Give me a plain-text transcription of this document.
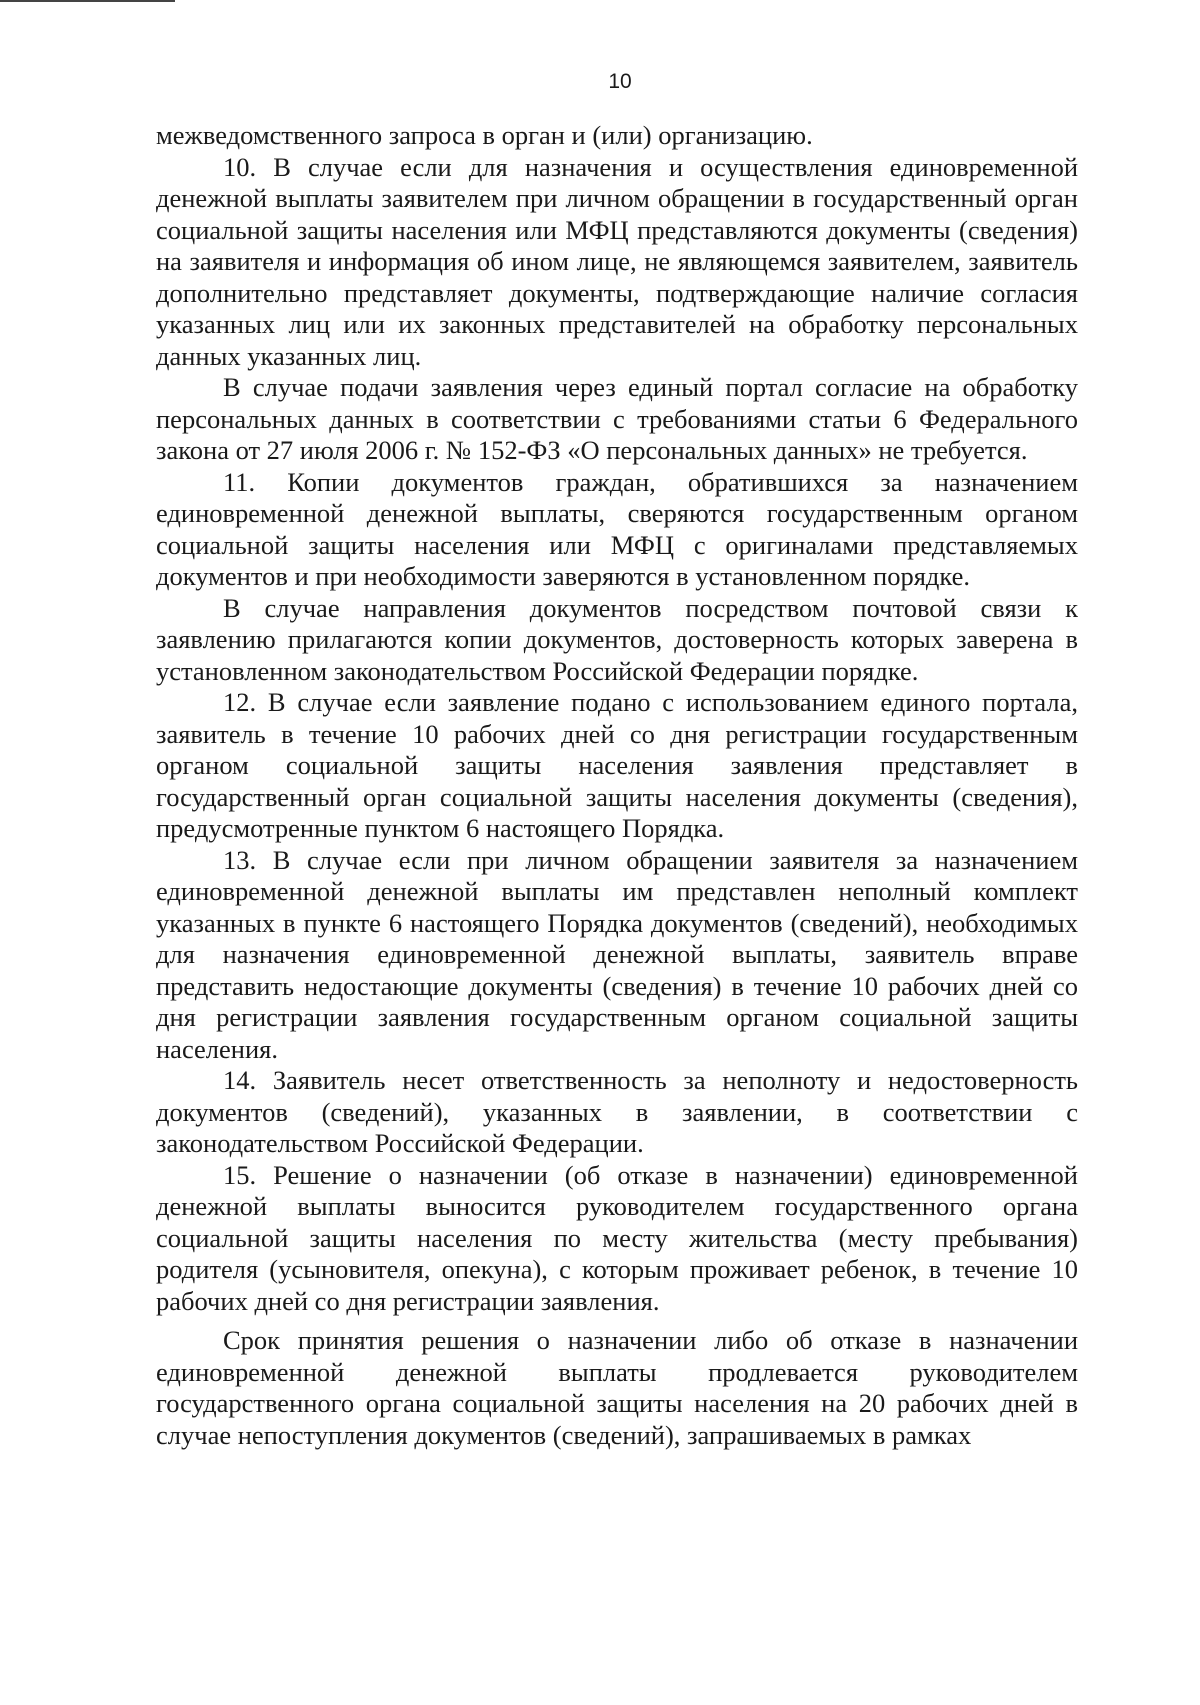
10

межведомственного запроса в орган и (или) организацию.

10. В случае если для назначения и осуществления единовременной денежной выплаты заявителем при личном обращении в государственный орган социальной защиты населения или МФЦ представляются документы (сведения) на заявителя и информация об ином лице, не являющемся заявителем, заявитель дополнительно представляет документы, подтверждающие наличие согласия указанных лиц или их законных представителей на обработку персональных данных указанных лиц.

В случае подачи заявления через единый портал согласие на обработку персональных данных в соответствии с требованиями статьи 6 Федерального закона от 27 июля 2006 г. № 152-ФЗ «О персональных данных» не требуется.

11. Копии документов граждан, обратившихся за назначением единовременной денежной выплаты, сверяются государственным органом социальной защиты населения или МФЦ с оригиналами представляемых документов и при необходимости заверяются в установленном порядке.

В случае направления документов посредством почтовой связи к заявлению прилагаются копии документов, достоверность которых заверена в установленном законодательством Российской Федерации порядке.

12. В случае если заявление подано с использованием единого портала, заявитель в течение 10 рабочих дней со дня регистрации государственным органом социальной защиты населения заявления представляет в государственный орган социальной защиты населения документы (сведения), предусмотренные пунктом 6 настоящего Порядка.

13. В случае если при личном обращении заявителя за назначением единовременной денежной выплаты им представлен неполный комплект указанных в пункте 6 настоящего Порядка документов (сведений), необходимых для назначения единовременной денежной выплаты, заявитель вправе представить недостающие документы (сведения) в течение 10 рабочих дней со дня регистрации заявления государственным органом социальной защиты населения.

14. Заявитель несет ответственность за неполноту и недостоверность документов (сведений), указанных в заявлении, в соответствии с законодательством Российской Федерации.

15. Решение о назначении (об отказе в назначении) единовременной денежной выплаты выносится руководителем государственного органа социальной защиты населения по месту жительства (месту пребывания) родителя (усыновителя, опекуна), с которым проживает ребенок, в течение 10 рабочих дней со дня регистрации заявления.

Срок принятия решения о назначении либо об отказе в назначении единовременной денежной выплаты продлевается руководителем государственного органа социальной защиты населения на 20 рабочих дней в случае непоступления документов (сведений), запрашиваемых в рамках
